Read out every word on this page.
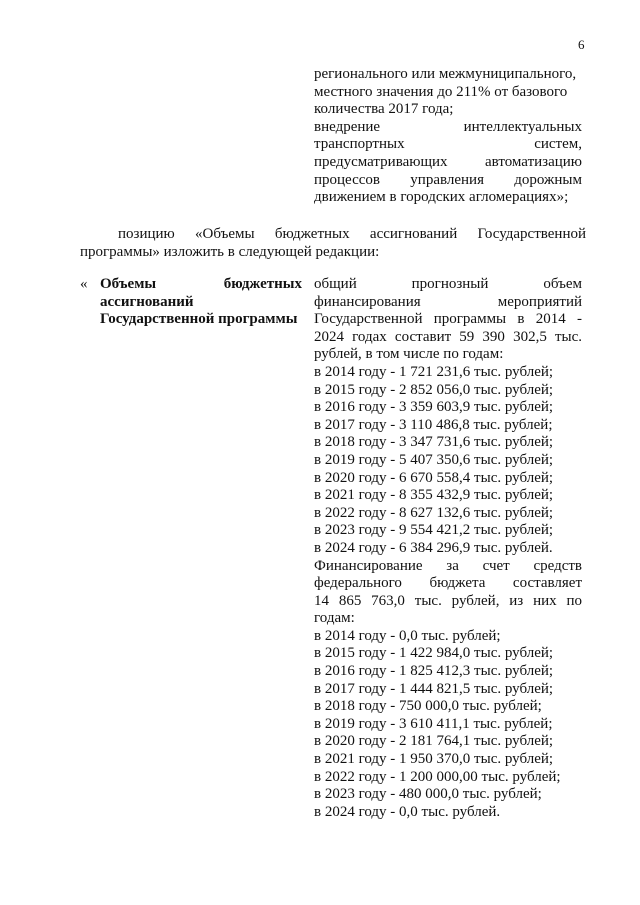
6
регионального или межмуниципального,
местного значения до 211% от базового
количества 2017 года;
внедрение интеллектуальных
транспортных систем,
предусматривающих автоматизацию
процессов управления дорожным
движением в городских агломерациях»;
позицию «Объемы бюджетных ассигнований Государственной
программы» изложить в следующей редакции:
« Объемы бюджетных
ассигнований
Государственной программы
общий прогнозный объем
финансирования мероприятий
Государственной программы в 2014 -
2024 годах составит 59 390 302,5 тыс.
рублей, в том числе по годам:
в 2014 году - 1 721 231,6 тыс. рублей;
в 2015 году - 2 852 056,0 тыс. рублей;
в 2016 году - 3 359 603,9 тыс. рублей;
в 2017 году - 3 110 486,8 тыс. рублей;
в 2018 году - 3 347 731,6 тыс. рублей;
в 2019 году - 5 407 350,6 тыс. рублей;
в 2020 году - 6 670 558,4 тыс. рублей;
в 2021 году - 8 355 432,9 тыс. рублей;
в 2022 году - 8 627 132,6 тыс. рублей;
в 2023 году - 9 554 421,2 тыс. рублей;
в 2024 году - 6 384 296,9 тыс. рублей.
Финансирование за счет средств
федерального бюджета составляет
14 865 763,0 тыс. рублей, из них по
годам:
в 2014 году - 0,0 тыс. рублей;
в 2015 году - 1 422 984,0 тыс. рублей;
в 2016 году - 1 825 412,3 тыс. рублей;
в 2017 году - 1 444 821,5 тыс. рублей;
в 2018 году - 750 000,0 тыс. рублей;
в 2019 году - 3 610 411,1 тыс. рублей;
в 2020 году - 2 181 764,1 тыс. рублей;
в 2021 году - 1 950 370,0 тыс. рублей;
в 2022 году - 1 200 000,00 тыс. рублей;
в 2023 году - 480 000,0 тыс. рублей;
в 2024 году - 0,0 тыс. рублей.
